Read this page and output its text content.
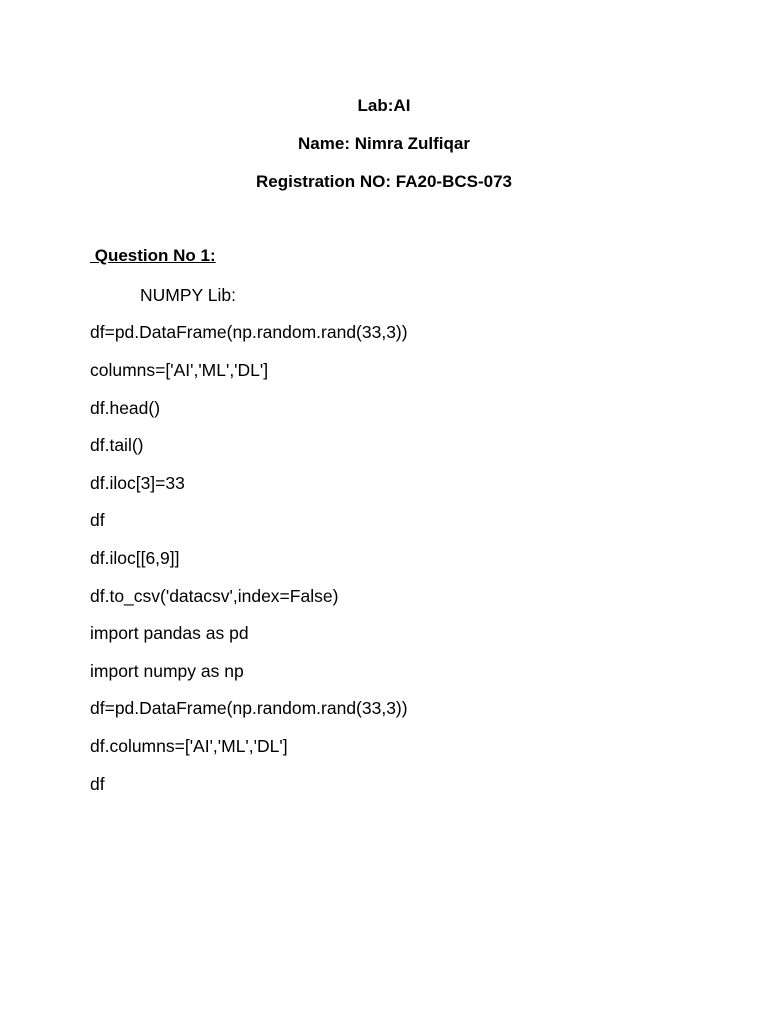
Lab:AI
Name: Nimra Zulfiqar
Registration NO: FA20-BCS-073
Question No 1:
NUMPY Lib:
df=pd.DataFrame(np.random.rand(33,3))
columns=['AI','ML','DL']
df.head()
df.tail()
df.iloc[3]=33
df
df.iloc[[6,9]]
df.to_csv('datacsv',index=False)
import pandas as pd
import numpy as np
df=pd.DataFrame(np.random.rand(33,3))
df.columns=['AI','ML','DL']
df
